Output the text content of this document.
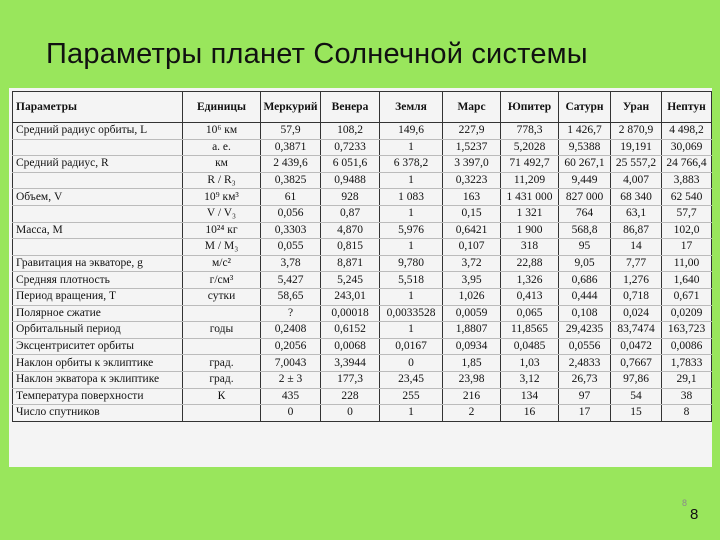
Параметры планет Солнечной системы
Параметры	Единицы	Меркурий	Венера	Земля	Марс	Юпитер	Сатурн	Уран	Нептун
Средний радиус орбиты, L	10⁶ км	57,9	108,2	149,6	227,9	778,3	1 426,7	2 870,9	4 498,2
	а. е.	0,3871	0,7233	1	1,5237	5,2028	9,5388	19,191	30,069
Средний радиус, R	км	2 439,6	6 051,6	6 378,2	3 397,0	71 492,7	60 267,1	25 557,2	24 766,4
	R / R₃	0,3825	0,9488	1	0,3223	11,209	9,449	4,007	3,883
Объем, V	10⁹ км³	61	928	1 083	163	1 431 000	827 000	68 340	62 540
	V / V₃	0,056	0,87	1	0,15	1 321	764	63,1	57,7
Масса, M	10²⁴ кг	0,3303	4,870	5,976	0,6421	1 900	568,8	86,87	102,0
	M / M₃	0,055	0,815	1	0,107	318	95	14	17
Гравитация на экваторе, g	м/с²	3,78	8,871	9,780	3,72	22,88	9,05	7,77	11,00
Средняя плотность	г/см³	5,427	5,245	5,518	3,95	1,326	0,686	1,276	1,640
Период вращения, T	сутки	58,65	243,01	1	1,026	0,413	0,444	0,718	0,671
Полярное сжатие		?	0,00018	0,0033528	0,0059	0,065	0,108	0,024	0,0209
Орбитальный период	годы	0,2408	0,6152	1	1,8807	11,8565	29,4235	83,7474	163,723
Эксцентриситет орбиты		0,2056	0,0068	0,0167	0,0934	0,0485	0,0556	0,0472	0,0086
Наклон орбиты к эклиптике	град.	7,0043	3,3944	0	1,85	1,03	2,4833	0,7667	1,7833
Наклон экватора к эклиптике	град.	2 ± 3	177,3	23,45	23,98	3,12	26,73	97,86	29,1
Температура поверхности	К	435	228	255	216	134	97	54	38
Число спутников		0	0	1	2	16	17	15	8
8
8
